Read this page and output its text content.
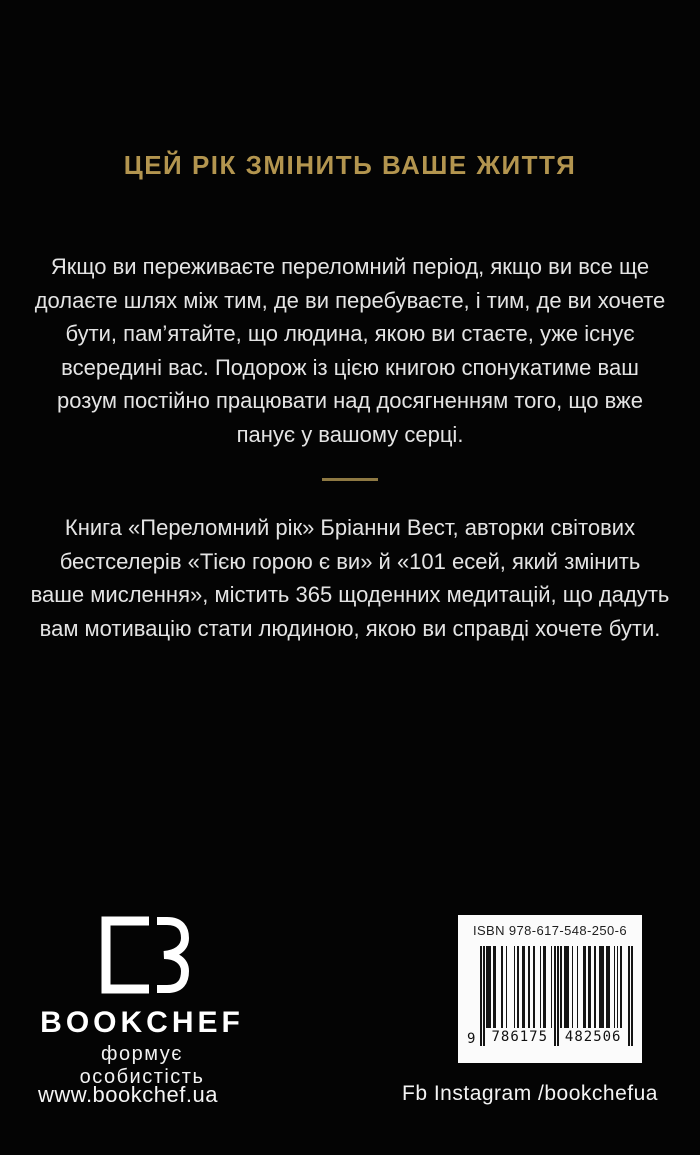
ЦЕЙ РІК ЗМІНИТЬ ВАШЕ ЖИТТЯ
Якщо ви переживаєте переломний період, якщо ви все ще
долаєте шлях між тим, де ви перебуваєте, і тим, де ви хочете
бути, пам’ятайте, що людина, якою ви стаєте, уже існує
всередині вас. Подорож із цією книгою спонукатиме ваш
розум постійно працювати над досягненням того, що вже
панує у вашому серці.
Книга «Переломний рік» Бріанни Вест, авторки світових
бестселерів «Тією горою є ви» й «101 есей, який змінить
ваше мислення», містить 365 щоденних медитацій, що дадуть
вам мотивацію стати людиною, якою ви справді хочете бути.
BOOKCHEF
формує особистість
ISBN 978-617-548-250-6
9	786175	482506
www.bookchef.ua	Fb Instagram /bookchefua
